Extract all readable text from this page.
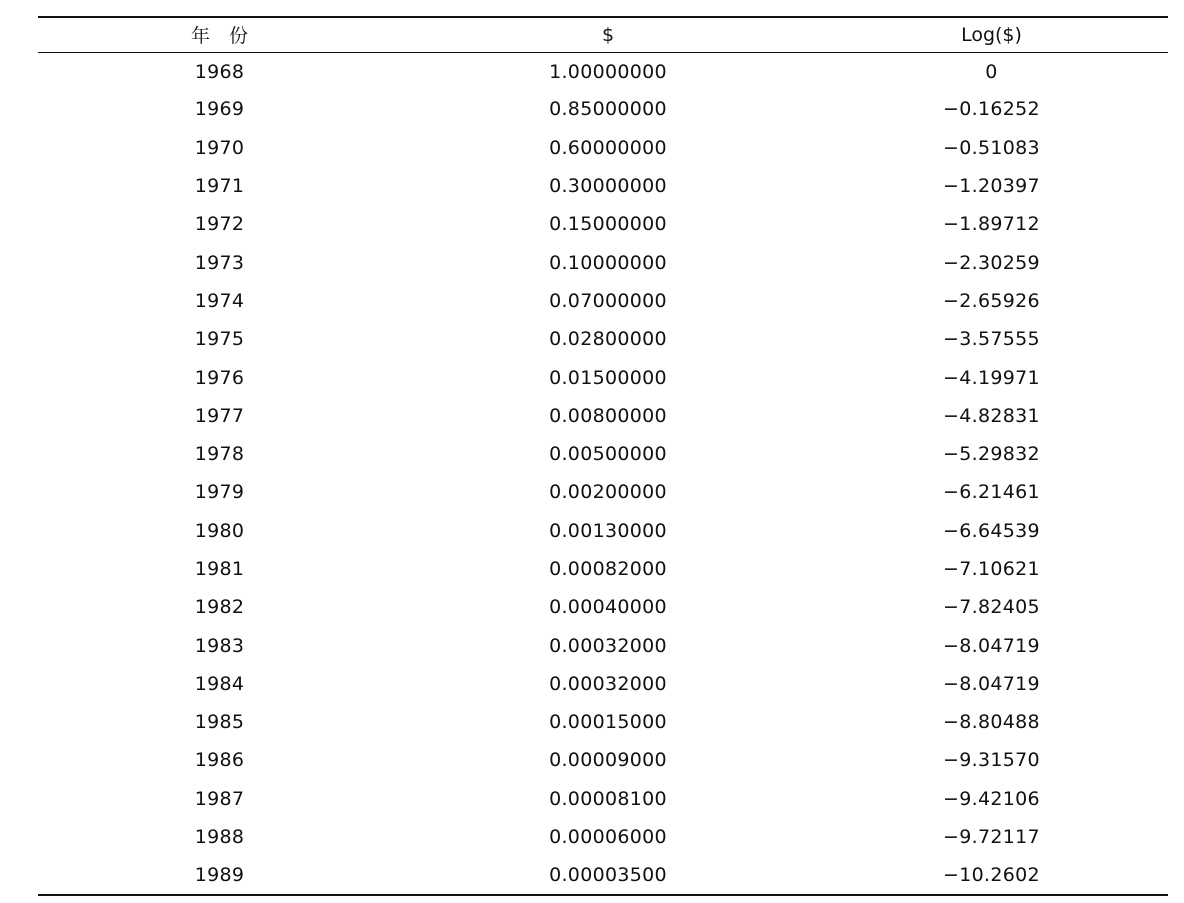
年　份	$	Log($)
1968	1.00000000	0
1969	0.85000000	−0.16252
1970	0.60000000	−0.51083
1971	0.30000000	−1.20397
1972	0.15000000	−1.89712
1973	0.10000000	−2.30259
1974	0.07000000	−2.65926
1975	0.02800000	−3.57555
1976	0.01500000	−4.19971
1977	0.00800000	−4.82831
1978	0.00500000	−5.29832
1979	0.00200000	−6.21461
1980	0.00130000	−6.64539
1981	0.00082000	−7.10621
1982	0.00040000	−7.82405
1983	0.00032000	−8.04719
1984	0.00032000	−8.04719
1985	0.00015000	−8.80488
1986	0.00009000	−9.31570
1987	0.00008100	−9.42106
1988	0.00006000	−9.72117
1989	0.00003500	−10.2602
